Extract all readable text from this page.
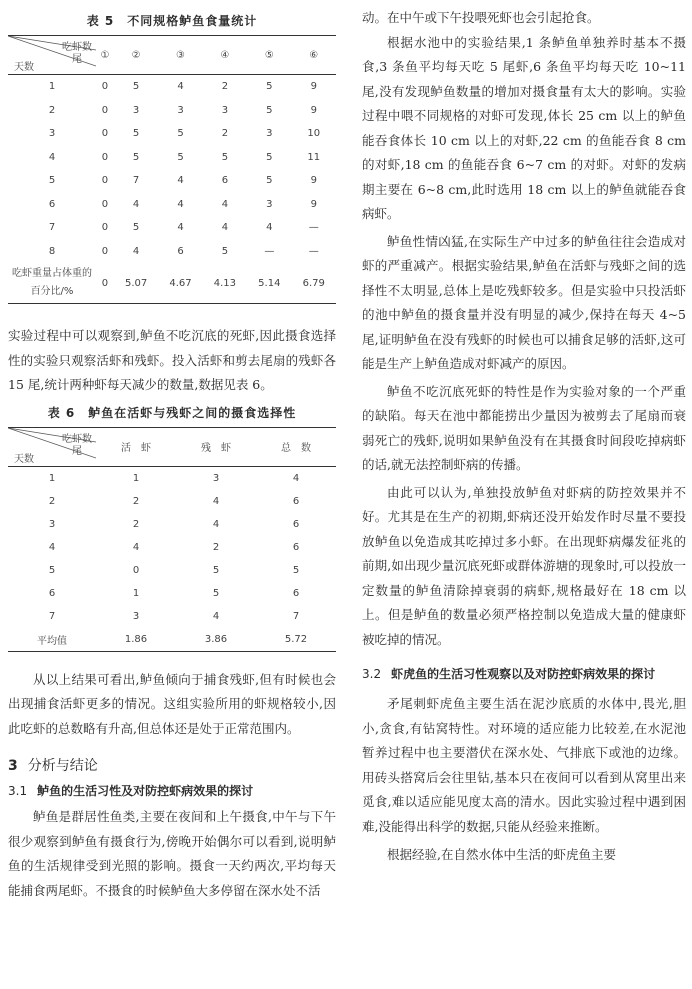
表 5　不同规格鲈鱼食量统计
吃虾数
尾
天数	①	②	③	④	⑤	⑥
1	0	5	4	2	5	9
2	0	3	3	3	5	9
3	0	5	5	2	3	10
4	0	5	5	5	5	11
5	0	7	4	6	5	9
6	0	4	4	4	3	9
7	0	5	4	4	4	—
8	0	4	6	5	—	—
吃虾重量占体重的
百分比/%	0	5.07	4.67	4.13	5.14	6.79

实验过程中可以观察到,鲈鱼不吃沉底的死虾,因此摄食选择性的实验只观察活虾和残虾。投入活虾和剪去尾扇的残虾各 15 尾,统计两种虾每天减少的数量,数据见表 6。

表 6　鲈鱼在活虾与残虾之间的摄食选择性
吃虾数
尾
天数	活　虾	残　虾	总　数
1	1	3	4
2	2	4	6
3	2	4	6
4	4	2	6
5	0	5	5
6	1	5	6
7	3	4	7
平均值	1.86	3.86	5.72

从以上结果可看出,鲈鱼倾向于捕食残虾,但有时候也会出现捕食活虾更多的情况。这组实验所用的虾规格较小,因此吃虾的总数略有升高,但总体还是处于正常范围内。

3 分析与结论
3.1 鲈鱼的生活习性及对防控虾病效果的探讨

鲈鱼是群居性鱼类,主要在夜间和上午摄食,中午与下午很少观察到鲈鱼有摄食行为,傍晚开始偶尔可以看到,说明鲈鱼的生活规律受到光照的影响。摄食一天约两次,平均每天能捕食两尾虾。不摄食的时候鲈鱼大多停留在深水处不活

动。在中午或下午投喂死虾也会引起抢食。

根据水池中的实验结果,1 条鲈鱼单独养时基本不摄食,3 条鱼平均每天吃 5 尾虾,6 条鱼平均每天吃 10~11 尾,没有发现鲈鱼数量的增加对摄食量有太大的影响。实验过程中喂不同规格的对虾可发现,体长 25 cm 以上的鲈鱼能吞食体长 10 cm 以上的对虾,22 cm 的鱼能吞食 8 cm 的对虾,18 cm 的鱼能吞食 6~7 cm 的对虾。对虾的发病期主要在 6~8 cm,此时选用 18 cm 以上的鲈鱼就能吞食病虾。

鲈鱼性情凶猛,在实际生产中过多的鲈鱼往往会造成对虾的严重减产。根据实验结果,鲈鱼在活虾与残虾之间的选择性不太明显,总体上是吃残虾较多。但是实验中只投活虾的池中鲈鱼的摄食量并没有明显的减少,保持在每天 4~5 尾,证明鲈鱼在没有残虾的时候也可以捕食足够的活虾,这可能是生产上鲈鱼造成对虾减产的原因。

鲈鱼不吃沉底死虾的特性是作为实验对象的一个严重的缺陷。每天在池中都能捞出少量因为被剪去了尾扇而衰弱死亡的残虾,说明如果鲈鱼没有在其摄食时间段吃掉病虾的话,就无法控制虾病的传播。

由此可以认为,单独投放鲈鱼对虾病的防控效果并不好。尤其是在生产的初期,虾病还没开始发作时尽量不要投放鲈鱼以免造成其吃掉过多小虾。在出现虾病爆发征兆的前期,如出现少量沉底死虾或群体游塘的现象时,可以投放一定数量的鲈鱼清除掉衰弱的病虾,规格最好在 18 cm 以上。但是鲈鱼的数量必须严格控制以免造成大量的健康虾被吃掉的情况。

3.2 虾虎鱼的生活习性观察以及对防控虾病效果的探讨

矛尾刺虾虎鱼主要生活在泥沙底质的水体中,畏光,胆小,贪食,有钻窝特性。对环境的适应能力比较差,在水泥池暂养过程中也主要潜伏在深水处、气排底下或池的边缘。用砖头搭窝后会往里钻,基本只在夜间可以看到从窝里出来觅食,难以适应能见度太高的清水。因此实验过程中遇到困难,没能得出科学的数据,只能从经验来推断。

根据经验,在自然水体中生活的虾虎鱼主要
